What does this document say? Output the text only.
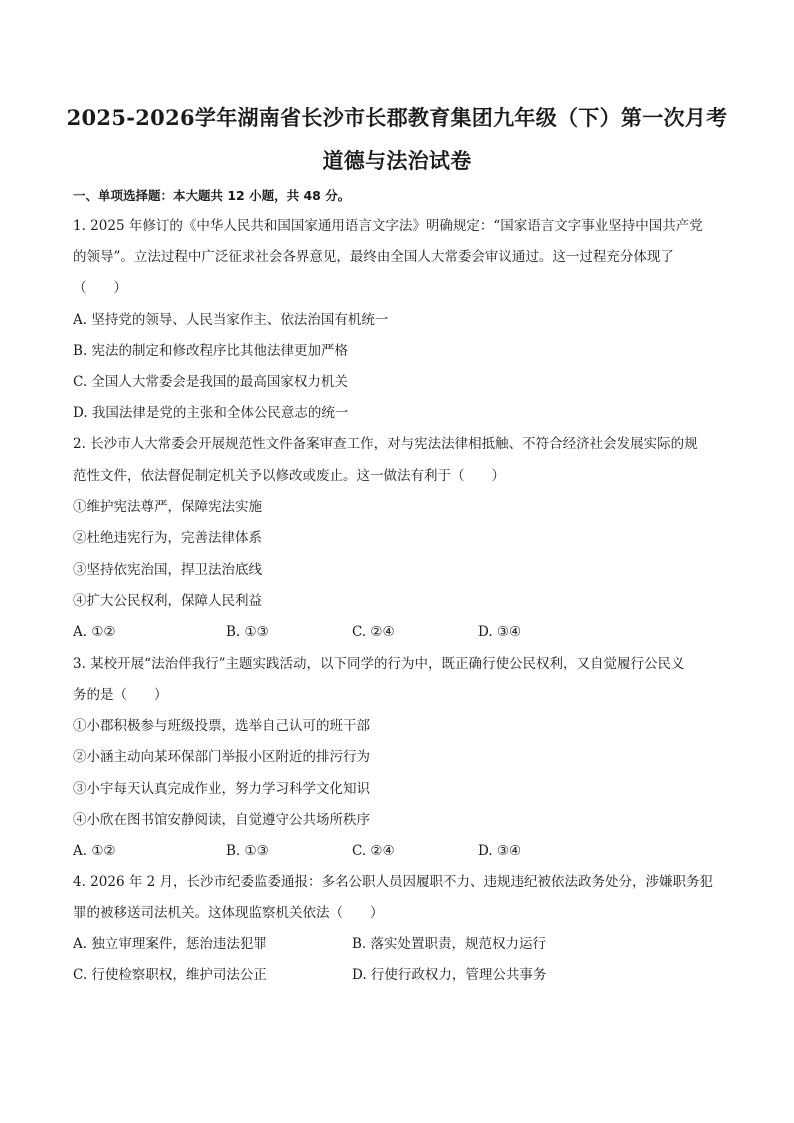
2025-2026学年湖南省长沙市长郡教育集团九年级（下）第一次月考
道德与法治试卷
一、单项选择题：本大题共 12 小题，共 48 分。
1. 2025 年修订的《中华人民共和国国家通用语言文字法》明确规定：“国家语言文字事业坚持中国共产党
的领导”。立法过程中广泛征求社会各界意见，最终由全国人大常委会审议通过。这一过程充分体现了
（　　）
A. 坚持党的领导、人民当家作主、依法治国有机统一
B. 宪法的制定和修改程序比其他法律更加严格
C. 全国人大常委会是我国的最高国家权力机关
D. 我国法律是党的主张和全体公民意志的统一
2. 长沙市人大常委会开展规范性文件备案审查工作，对与宪法法律相抵触、不符合经济社会发展实际的规
范性文件，依法督促制定机关予以修改或废止。这一做法有利于（　　）
①维护宪法尊严，保障宪法实施
②杜绝违宪行为，完善法律体系
③坚持依宪治国，捍卫法治底线
④扩大公民权利，保障人民利益
A. ①②	B. ①③	C. ②④	D. ③④
3. 某校开展“法治伴我行”主题实践活动，以下同学的行为中，既正确行使公民权利，又自觉履行公民义
务的是（　　）
①小郡积极参与班级投票，选举自己认可的班干部
②小涵主动向某环保部门举报小区附近的排污行为
③小宇每天认真完成作业，努力学习科学文化知识
④小欣在图书馆安静阅读，自觉遵守公共场所秩序
A. ①②	B. ①③	C. ②④	D. ③④
4. 2026 年 2 月，长沙市纪委监委通报：多名公职人员因履职不力、违规违纪被依法政务处分，涉嫌职务犯
罪的被移送司法机关。这体现监察机关依法（　　）
A. 独立审理案件，惩治违法犯罪	B. 落实处置职责，规范权力运行
C. 行使检察职权，维护司法公正	D. 行使行政权力，管理公共事务
